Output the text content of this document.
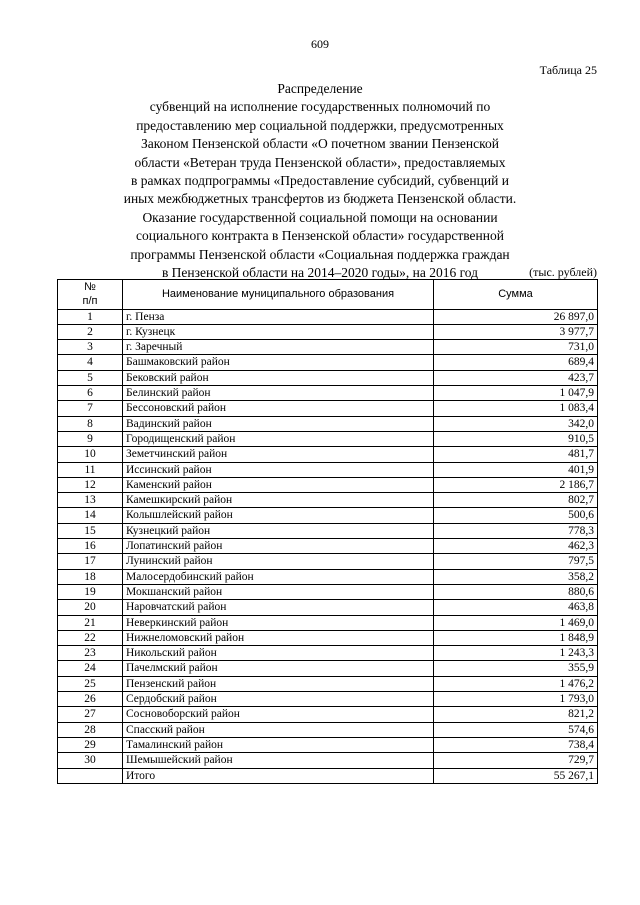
609
Таблица 25
Распределение
субвенций на исполнение государственных полномочий по
предоставлению мер социальной поддержки, предусмотренных
Законом Пензенской области «О почетном звании Пензенской
области «Ветеран труда Пензенской области», предоставляемых
в рамках подпрограммы «Предоставление субсидий, субвенций и
иных межбюджетных трансфертов из бюджета Пензенской области.
Оказание государственной социальной помощи на основании
социального контракта в Пензенской области» государственной
программы Пензенской области «Социальная поддержка граждан
в Пензенской области на 2014–2020 годы», на 2016 год	(тыс. рублей)
№
п/п	Наименование муниципального образования	Сумма
1	г. Пенза	26 897,0
2	г. Кузнецк	3 977,7
3	г. Заречный	731,0
4	Башмаковский район	689,4
5	Бековский район	423,7
6	Белинский район	1 047,9
7	Бессоновский район	1 083,4
8	Вадинский район	342,0
9	Городищенский район	910,5
10	Земетчинский район	481,7
11	Иссинский район	401,9
12	Каменский район	2 186,7
13	Камешкирский район	802,7
14	Колышлейский район	500,6
15	Кузнецкий район	778,3
16	Лопатинский район	462,3
17	Лунинский район	797,5
18	Малосердобинский район	358,2
19	Мокшанский район	880,6
20	Наровчатский район	463,8
21	Неверкинский район	1 469,0
22	Нижнеломовский район	1 848,9
23	Никольский район	1 243,3
24	Пачелмский район	355,9
25	Пензенский район	1 476,2
26	Сердобский район	1 793,0
27	Сосновоборский район	821,2
28	Спасский район	574,6
29	Тамалинский район	738,4
30	Шемышейский район	729,7
	Итого	55 267,1
